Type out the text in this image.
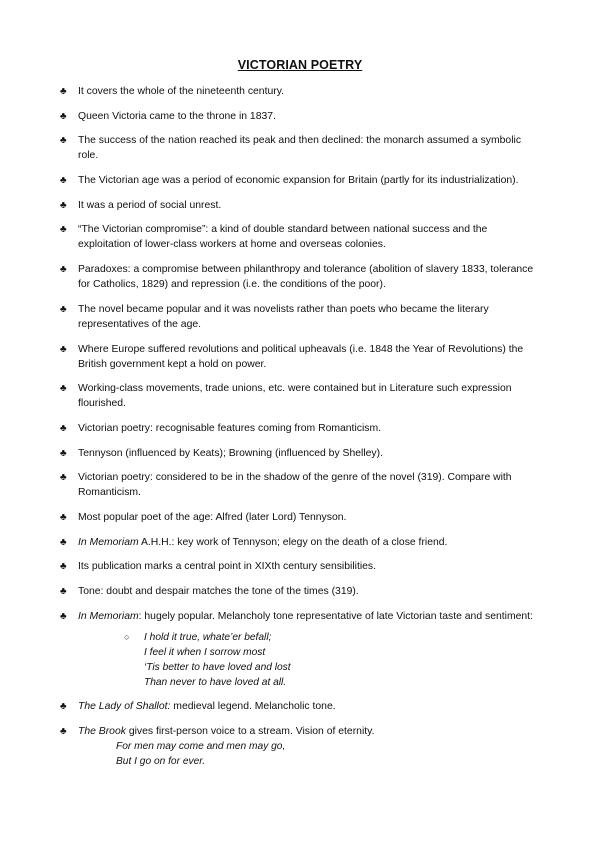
VICTORIAN POETRY
♣ It covers the whole of the nineteenth century.
♣ Queen Victoria came to the throne in 1837.
♣ The success of the nation reached its peak and then declined: the monarch assumed a symbolic role.
♣ The Victorian age was a period of economic expansion for Britain (partly for its industrialization).
♣ It was a period of social unrest.
♣ “The Victorian compromise”: a kind of double standard between national success and the exploitation of lower-class workers at home and overseas colonies.
♣ Paradoxes: a compromise between philanthropy and tolerance (abolition of slavery 1833, tolerance for Catholics, 1829) and repression (i.e. the conditions of the poor).
♣ The novel became popular and it was novelists rather than poets who became the literary representatives of the age.
♣ Where Europe suffered revolutions and political upheavals (i.e. 1848 the Year of Revolutions) the British government kept a hold on power.
♣ Working-class movements, trade unions, etc. were contained but in Literature such expression flourished.
♣ Victorian poetry: recognisable features coming from Romanticism.
♣ Tennyson (influenced by Keats); Browning (influenced by Shelley).
♣ Victorian poetry: considered to be in the shadow of the genre of the novel (319). Compare with Romanticism.
♣ Most popular poet of the age: Alfred (later Lord) Tennyson.
♣ In Memoriam A.H.H.: key work of Tennyson; elegy on the death of a close friend.
♣ Its publication marks a central point in XIXth century sensibilities.
♣ Tone: doubt and despair matches the tone of the times (319).
♣ In Memoriam: hugely popular. Melancholy tone representative of late Victorian taste and sentiment:
○ I hold it true, whate’er befall;
I feel it when I sorrow most
‘Tis better to have loved and lost
Than never to have loved at all.
♣ The Lady of Shallot: medieval legend. Melancholic tone.
♣ The Brook gives first-person voice to a stream. Vision of eternity.
For men may come and men may go,
But I go on for ever.
